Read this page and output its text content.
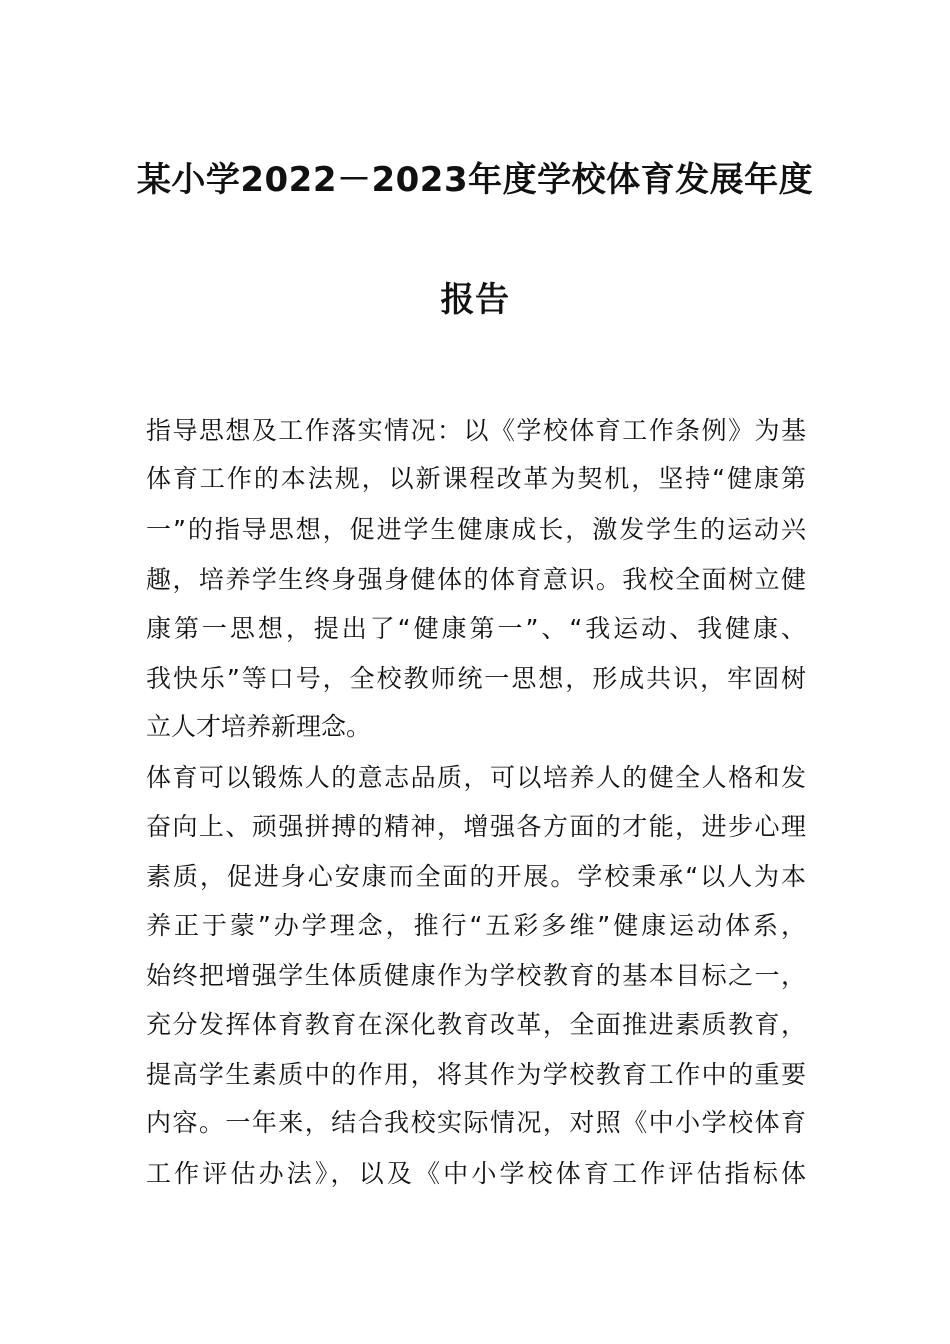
某小学2022－2023年度学校体育发展年度
报告
指导思想及工作落实情况：以《学校体育工作条例》为基
体育工作的本法规，以新课程改革为契机，坚持“健康第
一”的指导思想，促进学生健康成长，激发学生的运动兴
趣，培养学生终身强身健体的体育意识。我校全面树立健
康第一思想，提出了“健康第一”、“我运动、我健康、
我快乐”等口号，全校教师统一思想，形成共识，牢固树
立人才培养新理念。
体育可以锻炼人的意志品质，可以培养人的健全人格和发
奋向上、顽强拼搏的精神，增强各方面的才能，进步心理
素质，促进身心安康而全面的开展。学校秉承“以人为本
养正于蒙”办学理念，推行“五彩多维”健康运动体系，
始终把增强学生体质健康作为学校教育的基本目标之一，
充分发挥体育教育在深化教育改革，全面推进素质教育，
提高学生素质中的作用，将其作为学校教育工作中的重要
内容。一年来，结合我校实际情况，对照《中小学校体育
工作评估办法》，以及《中小学校体育工作评估指标体
